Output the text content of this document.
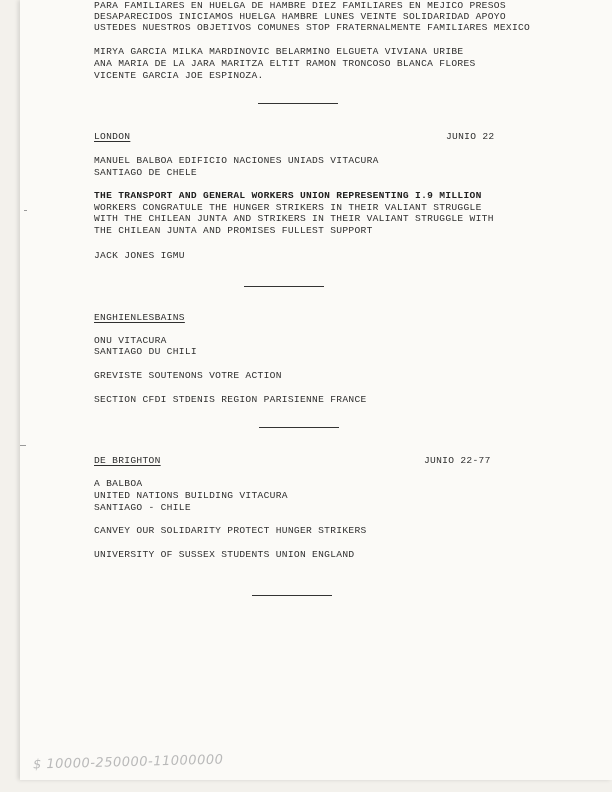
PARA FAMILIARES EN HUELGA DE HAMBRE DIEZ FAMILIARES EN MEJICO PRESOS
DESAPARECIDOS INICIAMOS HUELGA HAMBRE LUNES VEINTE SOLIDARIDAD APOYO
USTEDES NUESTROS OBJETIVOS COMUNES STOP FRATERNALMENTE FAMILIARES MEXICO
MIRYA GARCIA MILKA MARDINOVIC BELARMINO ELGUETA VIVIANA URIBE
ANA MARIA DE LA JARA MARITZA ELTIT RAMON TRONCOSO BLANCA FLORES
VICENTE GARCIA JOE ESPINOZA.
LONDON	JUNIO 22
MANUEL BALBOA EDIFICIO NACIONES UNIADS VITACURA
SANTIAGO DE CHELE
THE TRANSPORT AND GENERAL WORKERS UNION REPRESENTING I.9 MILLION
WORKERS CONGRATULE THE HUNGER STRIKERS IN THEIR VALIANT STRUGGLE
WITH THE CHILEAN JUNTA AND STRIKERS IN THEIR VALIANT STRUGGLE WITH
THE CHILEAN JUNTA AND PROMISES FULLEST SUPPORT
JACK JONES IGMU
ENGHIENLESBAINS
ONU VITACURA
SANTIAGO DU CHILI
GREVISTE SOUTENONS VOTRE ACTION
SECTION CFDI STDENIS REGION PARISIENNE FRANCE
DE BRIGHTON	JUNIO 22-77
A BALBOA
UNITED NATIONS BUILDING VITACURA
SANTIAGO - CHILE
CANVEY OUR SOLIDARITY PROTECT HUNGER STRIKERS
UNIVERSITY OF SUSSEX STUDENTS UNION ENGLAND
$ 10000-250000-11000000
